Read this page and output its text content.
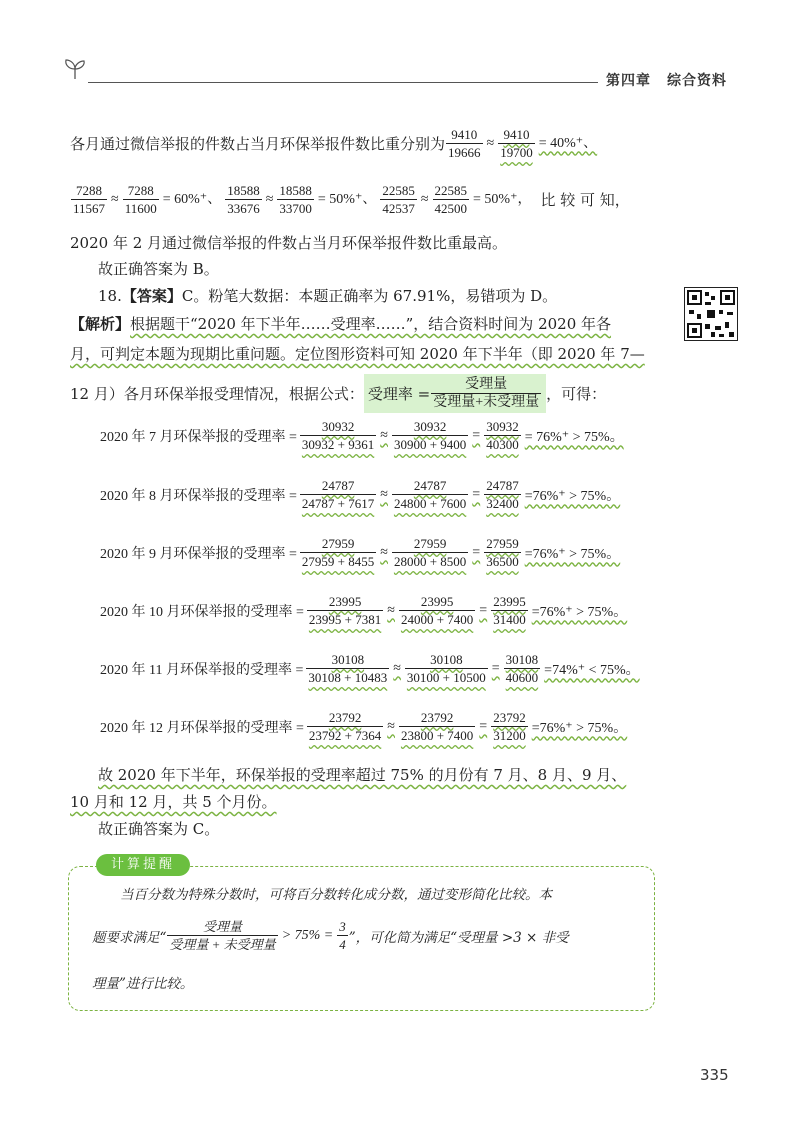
第四章 综合资料
各月通过微信举报的件数占当月环保举报件数比重分别为 $\frac{9410}{19666} \approx \frac{9410}{19700} = 40\%^+$、
$\frac{7288}{11567} \approx \frac{7288}{11600} = 60\%^+$、 $\frac{18588}{33676} \approx \frac{18588}{33700} = 50\%^+$、 $\frac{22585}{42537} \approx \frac{22585}{42500} = 50\%^+$， 比 较 可 知，
2020 年 2 月通过微信举报的件数占当月环保举报件数比重最高。
故正确答案为 B。
18.【答案】C。粉笔大数据：本题正确率为 67.91%，易错项为 D。
【解析】根据题干“2020 年下半年……受理率……”，结合资料时间为 2020 年各
月，可判定本题为现期比重问题。定位图形资料可知 2020 年下半年（即 2020 年 7—
12 月）各月环保举报受理情况，根据公式： 受理率 = $\frac{\text{受理量}}{\text{受理量+未受理量}}$ ，可得：
2020 年 7 月环保举报的受理率 = $\frac{30932}{30932 + 9361} \approx \frac{30932}{30900 + 9400} = \frac{30932}{40300} = 76\%^+ > 75\%$。
2020 年 8 月环保举报的受理率 = $\frac{24787}{24787 + 7617} \approx \frac{24787}{24800 + 7600} = \frac{24787}{32400} =76\%^+ > 75\%$。
2020 年 9 月环保举报的受理率 = $\frac{27959}{27959 + 8455} \approx \frac{27959}{28000 + 8500} = \frac{27959}{36500} =76\%^+ > 75\%$。
2020 年 10 月环保举报的受理率 = $\frac{23995}{23995 + 7381} \approx \frac{23995}{24000 + 7400} = \frac{23995}{31400} =76\%^+ > 75\%$。
2020 年 11 月环保举报的受理率 = $\frac{30108}{30108 + 10483} \approx \frac{30108}{30100 + 10500} = \frac{30108}{40600} =74\%^+ < 75\%$。
2020 年 12 月环保举报的受理率 = $\frac{23792}{23792 + 7364} \approx \frac{23792}{23800 + 7400} = \frac{23792}{31200} =76\%^+ > 75\%$。
故 2020 年下半年，环保举报的受理率超过 75% 的月份有 7 月、8 月、9 月、
10 月和 12 月，共 5 个月份。
故正确答案为 C。
计算提醒
当百分数为特殊分数时，可将百分数转化成分数，通过变形简化比较。本
题要求满足“ $\frac{\text{受理量}}{\text{受理量 + 未受理量}} > 75\% = \frac{3}{4}$ ”，可化简为满足“受理量 >3 × 非受
理量”进行比较。
335
